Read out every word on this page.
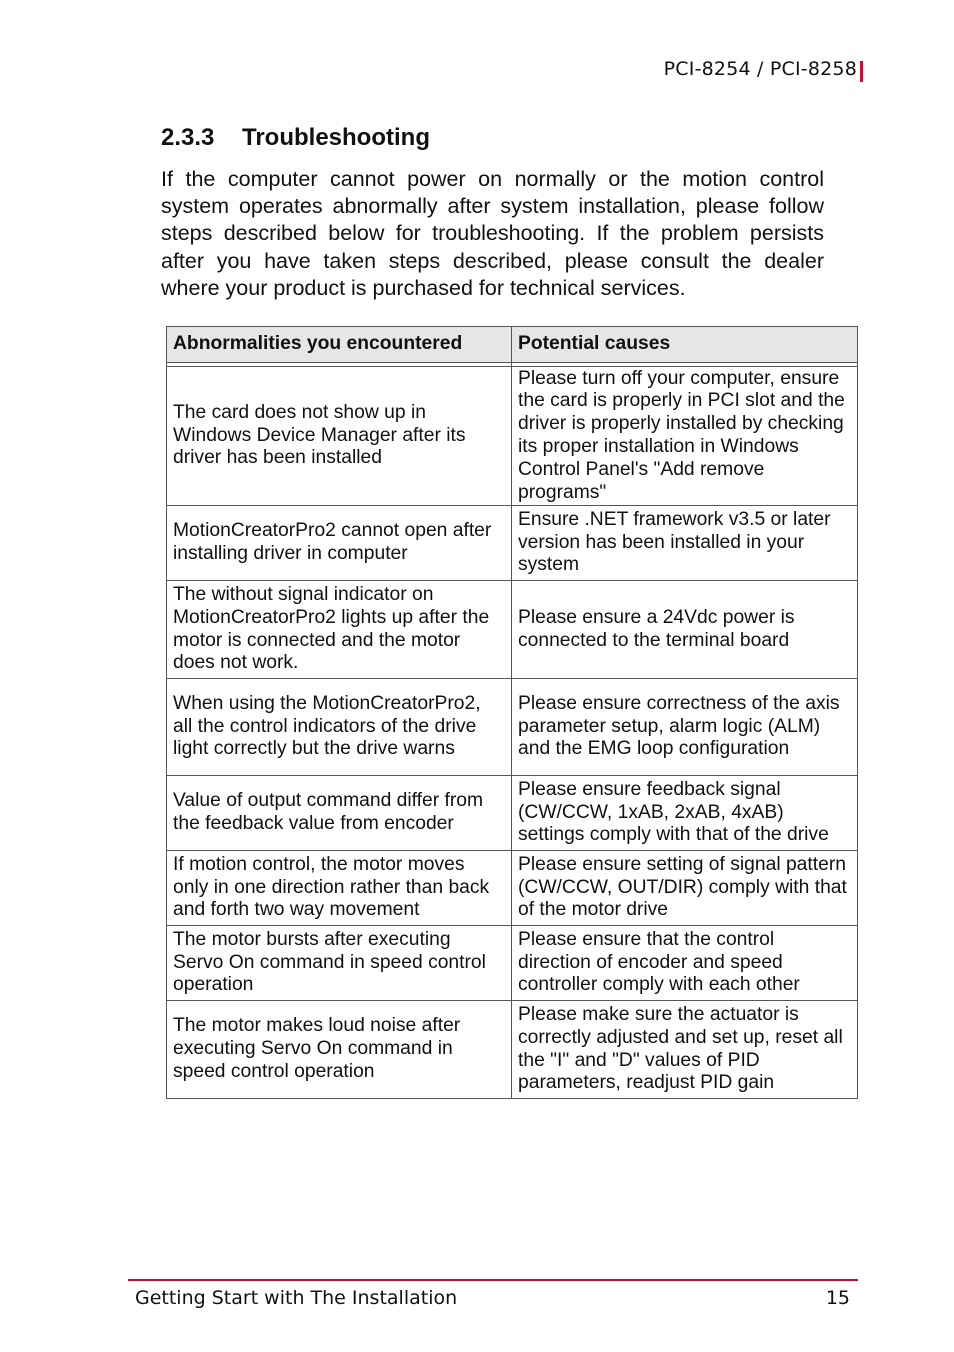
PCI-8254 / PCI-8258
2.3.3 Troubleshooting

If the computer cannot power on normally or the motion control system operates abnormally after system installation, please follow steps described below for troubleshooting. If the problem persists after you have taken steps described, please consult the dealer where your product is purchased for technical services.

Abnormalities you encountered	Potential causes

The card does not show up in Windows Device Manager after its driver has been installed	Please turn off your computer, ensure the card is properly in PCI slot and the driver is properly installed by checking its proper installation in Windows Control Panel's "Add remove programs"
MotionCreatorPro2 cannot open after installing driver in computer	Ensure .NET framework v3.5 or later version has been installed in your system
The without signal indicator on MotionCreatorPro2 lights up after the motor is connected and the motor does not work.	Please ensure a 24Vdc power is connected to the terminal board
When using the MotionCreatorPro2, all the control indicators of the drive light correctly but the drive warns	Please ensure correctness of the axis parameter setup, alarm logic (ALM) and the EMG loop configuration
Value of output command differ from the feedback value from encoder	Please ensure feedback signal (CW/CCW, 1xAB, 2xAB, 4xAB) settings comply with that of the drive
If motion control, the motor moves only in one direction rather than back and forth two way movement	Please ensure setting of signal pattern (CW/CCW, OUT/DIR) comply with that of the motor drive
The motor bursts after executing Servo On command in speed control operation	Please ensure that the control direction of encoder and speed controller comply with each other
The motor makes loud noise after executing Servo On command in speed control operation	Please make sure the actuator is correctly adjusted and set up, reset all the "I" and "D" values of PID parameters, readjust PID gain
Getting Start with The Installation	15
